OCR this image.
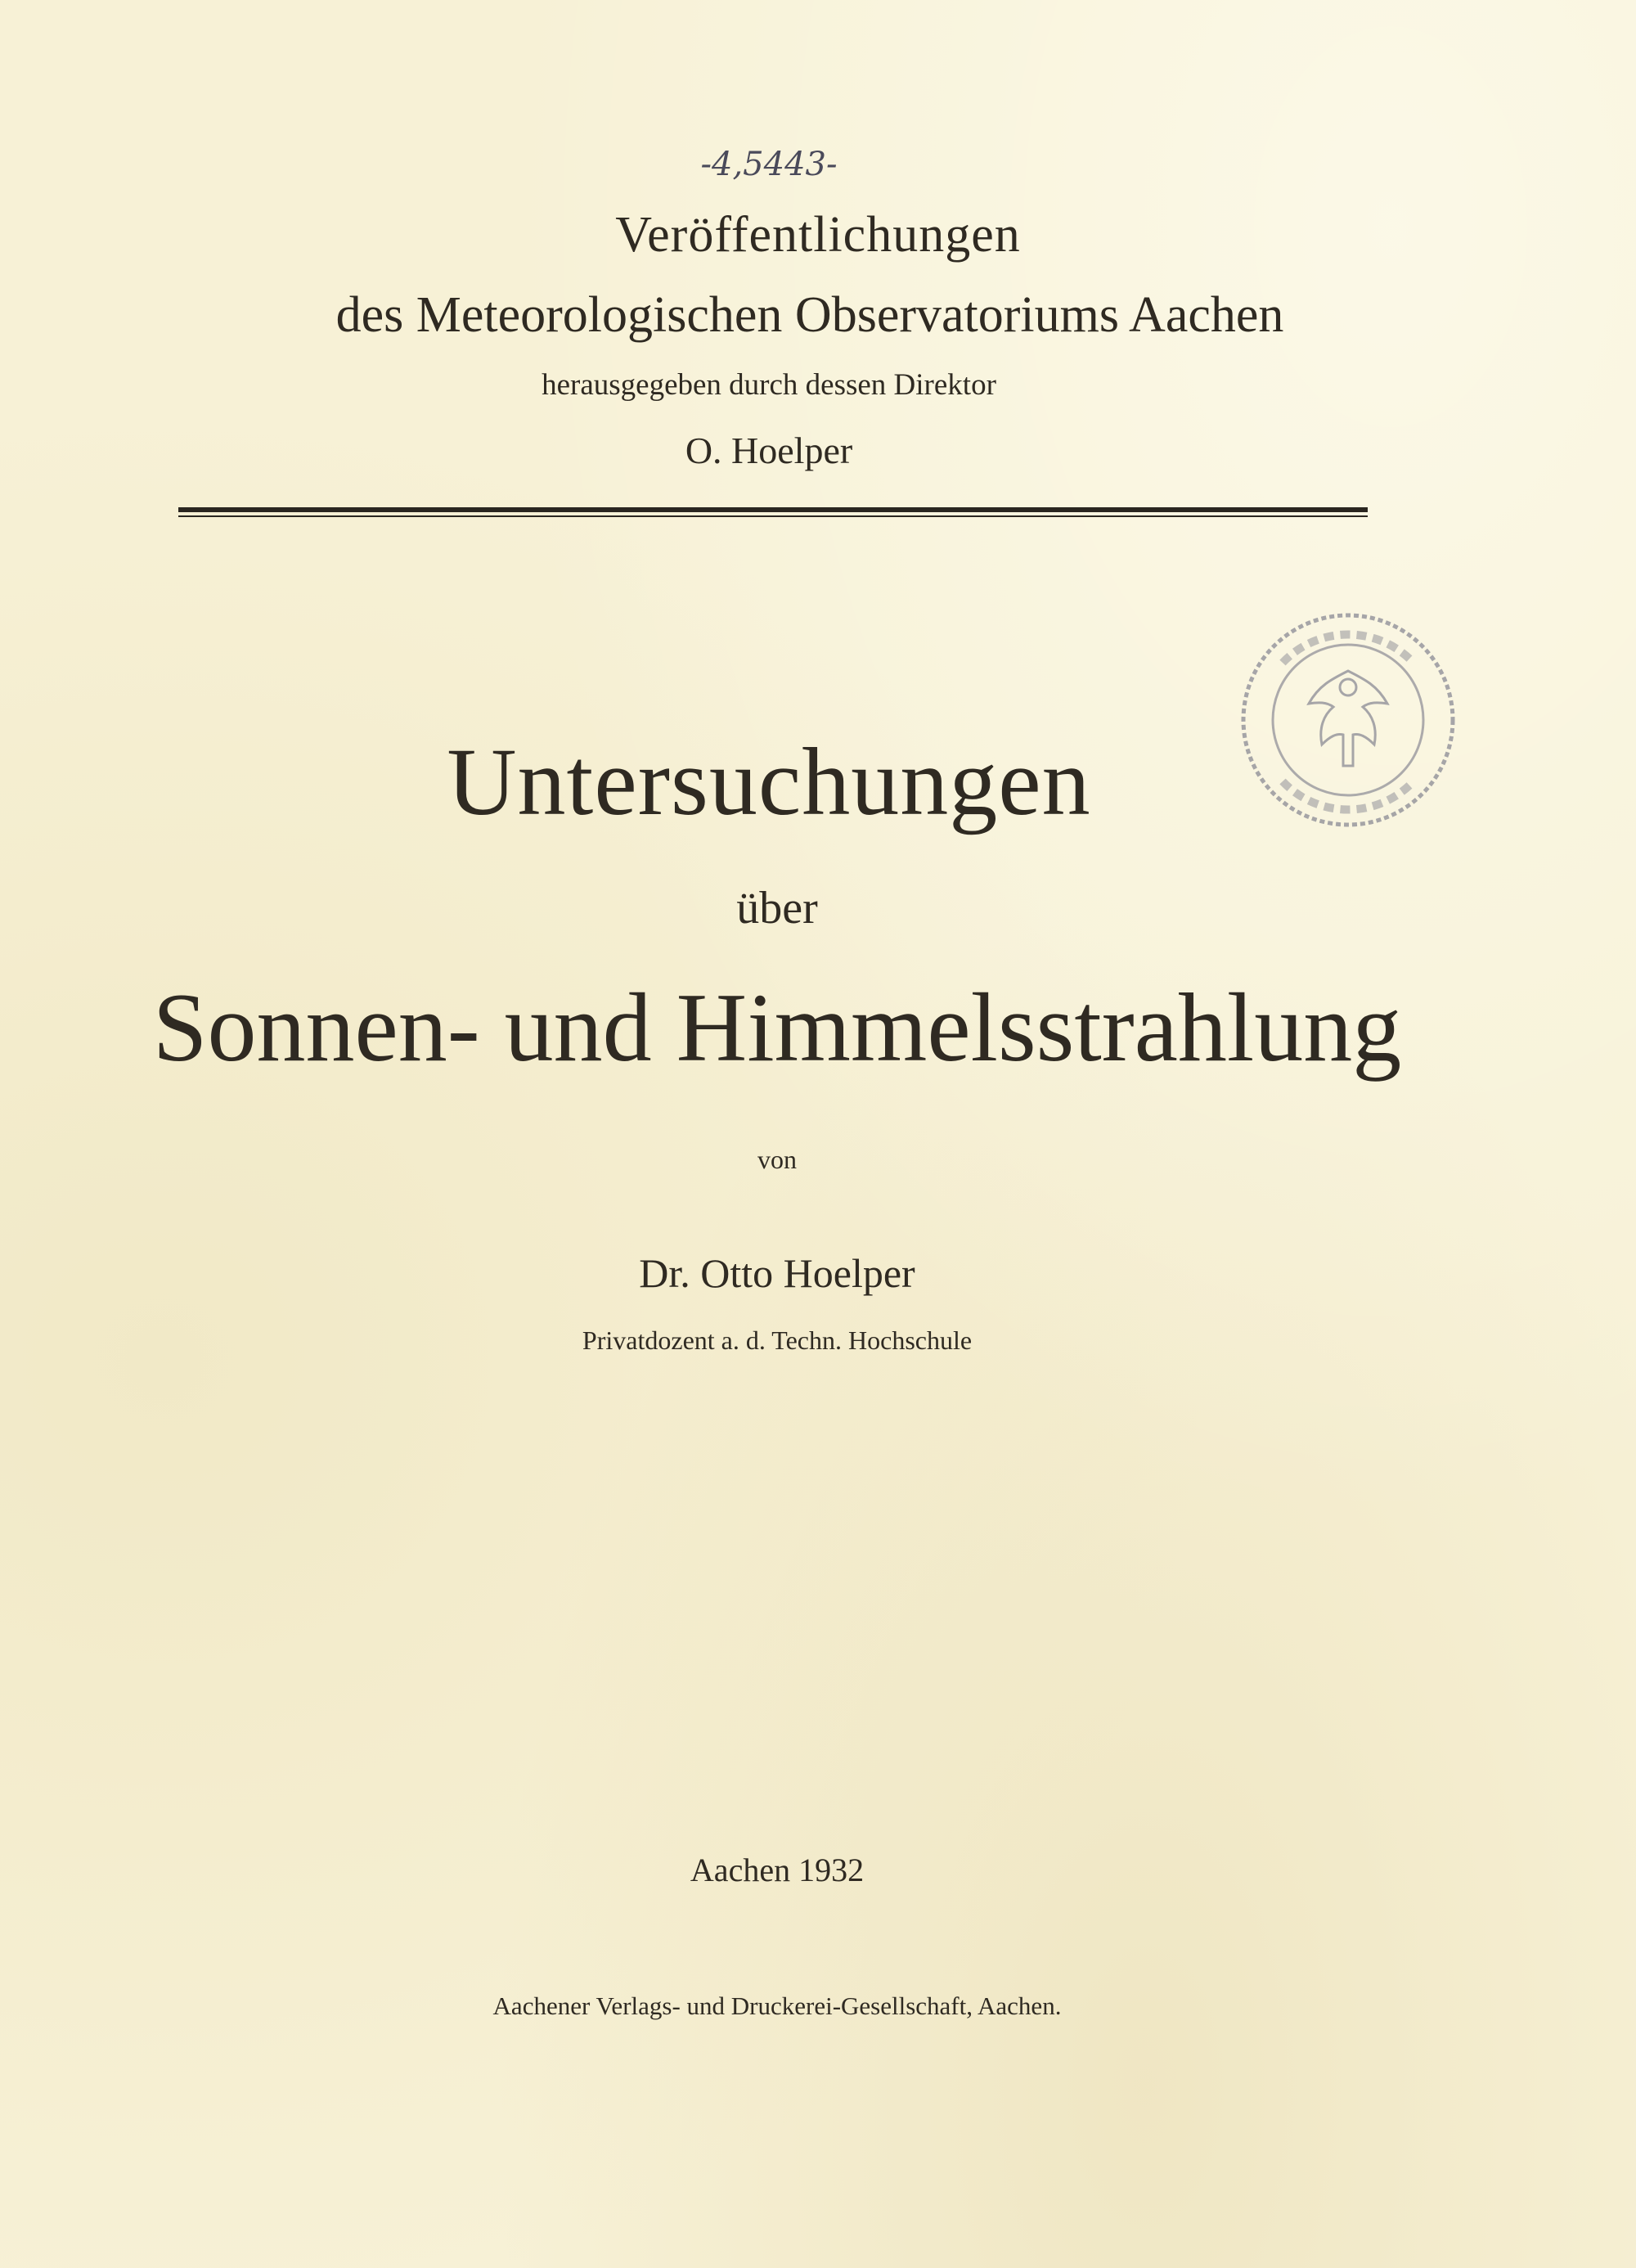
-4,5443-
Veröffentlichungen
des Meteorologischen Observatoriums Aachen
herausgegeben durch dessen Direktor
O. Hoelper
Untersuchungen
über
Sonnen- und Himmelsstrahlung
von
Dr. Otto Hoelper
Privatdozent a. d. Techn. Hochschule
Aachen 1932
Aachener Verlags- und Druckerei-Gesellschaft, Aachen.
